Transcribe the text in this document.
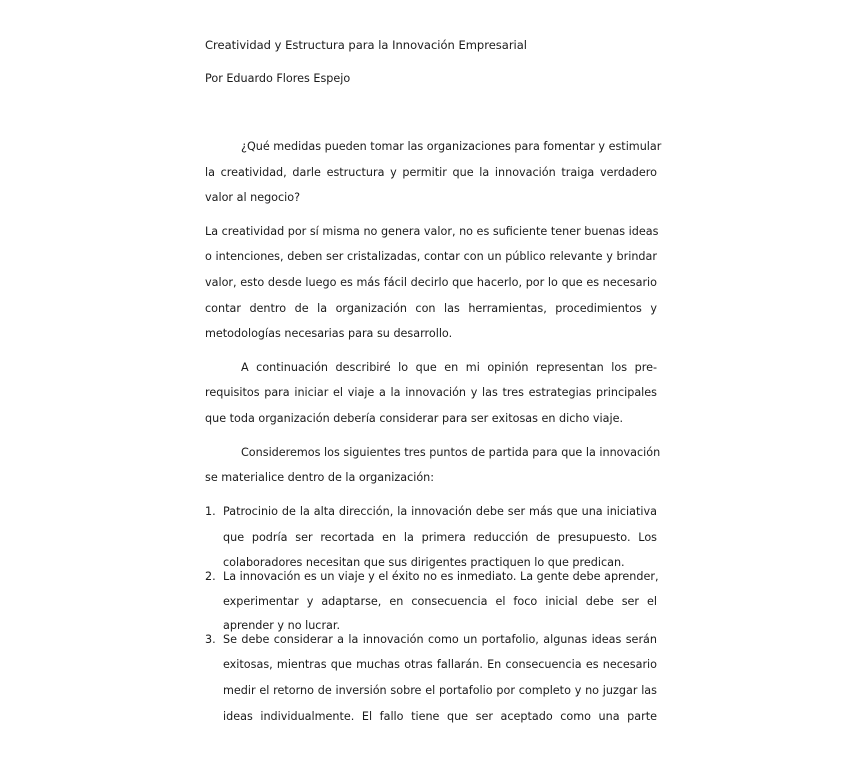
Creatividad y Estructura para la Innovación Empresarial
Por Eduardo Flores Espejo
¿Qué medidas pueden tomar las organizaciones para fomentar y estimular
la creatividad, darle estructura y permitir que la innovación traiga verdadero
valor al negocio?
La creatividad por sí misma no genera valor, no es suficiente tener buenas ideas
o intenciones, deben ser cristalizadas, contar con un público relevante y brindar
valor, esto desde luego es más fácil decirlo que hacerlo, por lo que es necesario
contar dentro de la organización con las herramientas, procedimientos y
metodologías necesarias para su desarrollo.
A continuación describiré lo que en mi opinión representan los pre-
requisitos para iniciar el viaje a la innovación y las tres estrategias principales
que toda organización debería considerar para ser exitosas en dicho viaje.
Consideremos los siguientes tres puntos de partida para que la innovación
se materialice dentro de la organización:
1. Patrocinio de la alta dirección, la innovación debe ser más que una iniciativa
que podría ser recortada en la primera reducción de presupuesto. Los
colaboradores necesitan que sus dirigentes practiquen lo que predican.
2. La innovación es un viaje y el éxito no es inmediato. La gente debe aprender,
experimentar y adaptarse, en consecuencia el foco inicial debe ser el
aprender y no lucrar.
3. Se debe considerar a la innovación como un portafolio, algunas ideas serán
exitosas, mientras que muchas otras fallarán. En consecuencia es necesario
medir el retorno de inversión sobre el portafolio por completo y no juzgar las
ideas individualmente. El fallo tiene que ser aceptado como una parte
